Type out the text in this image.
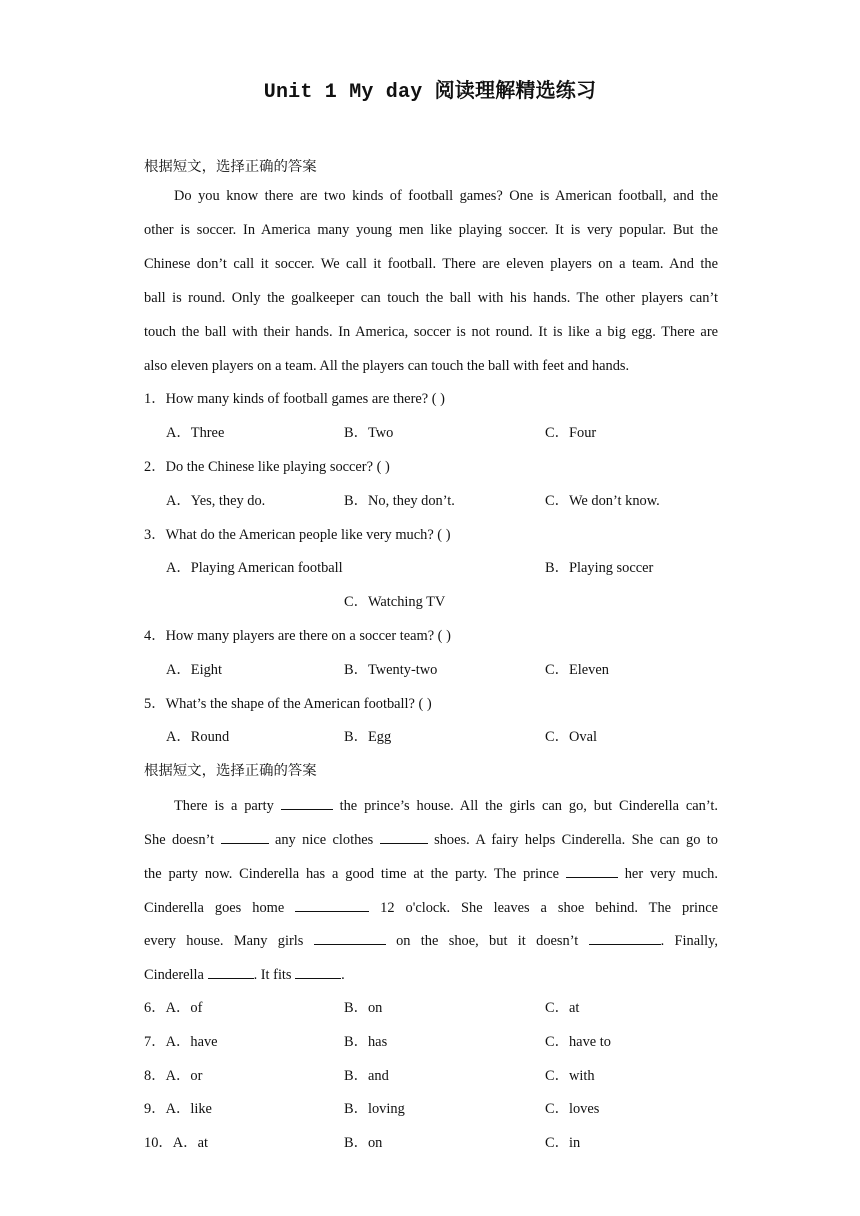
Unit 1 My day 阅读理解精选练习
根据短文，选择正确的答案
Do you know there are two kinds of football games? One is American football, and the
other is soccer. In America many young men like playing soccer. It is very popular. But the
Chinese don’t call it soccer. We call it football. There are eleven players on a team. And the
ball is round. Only the goalkeeper can touch the ball with his hands. The other players can’t
touch the ball with their hands. In America, soccer is not round. It is like a big egg. There are
also eleven players on a team. All the players can touch the ball with feet and hands.
1．How many kinds of football games are there? ( )
A．Three	B．Two	C．Four
2．Do the Chinese like playing soccer? ( )
A．Yes, they do.	B．No, they don’t.	C．We don’t know.
3．What do the American people like very much? ( )
A．Playing American football	B．Playing soccer
C．Watching TV
4．How many players are there on a soccer team? ( )
A．Eight	B．Twenty-two	C．Eleven
5．What’s the shape of the American football? ( )
A．Round	B．Egg	C．Oval
根据短文，选择正确的答案
There is a party	the prince’s house. All the girls can go, but Cinderella can’t.
She doesn’t	any nice clothes	shoes. A fairy helps Cinderella. She can go to
the party now. Cinderella has a good time at the party. The prince	her very much.
Cinderella goes home	12 o'clock. She leaves a shoe behind. The prince
every house. Many girls	on the shoe, but it doesn’t	. Finally,
Cinderella	. It fits	.
6．A．of	B．on	C．at
7．A．have	B．has	C．have to
8．A．or	B．and	C．with
9．A．like	B．loving	C．loves
10．A．at	B．on	C．in
